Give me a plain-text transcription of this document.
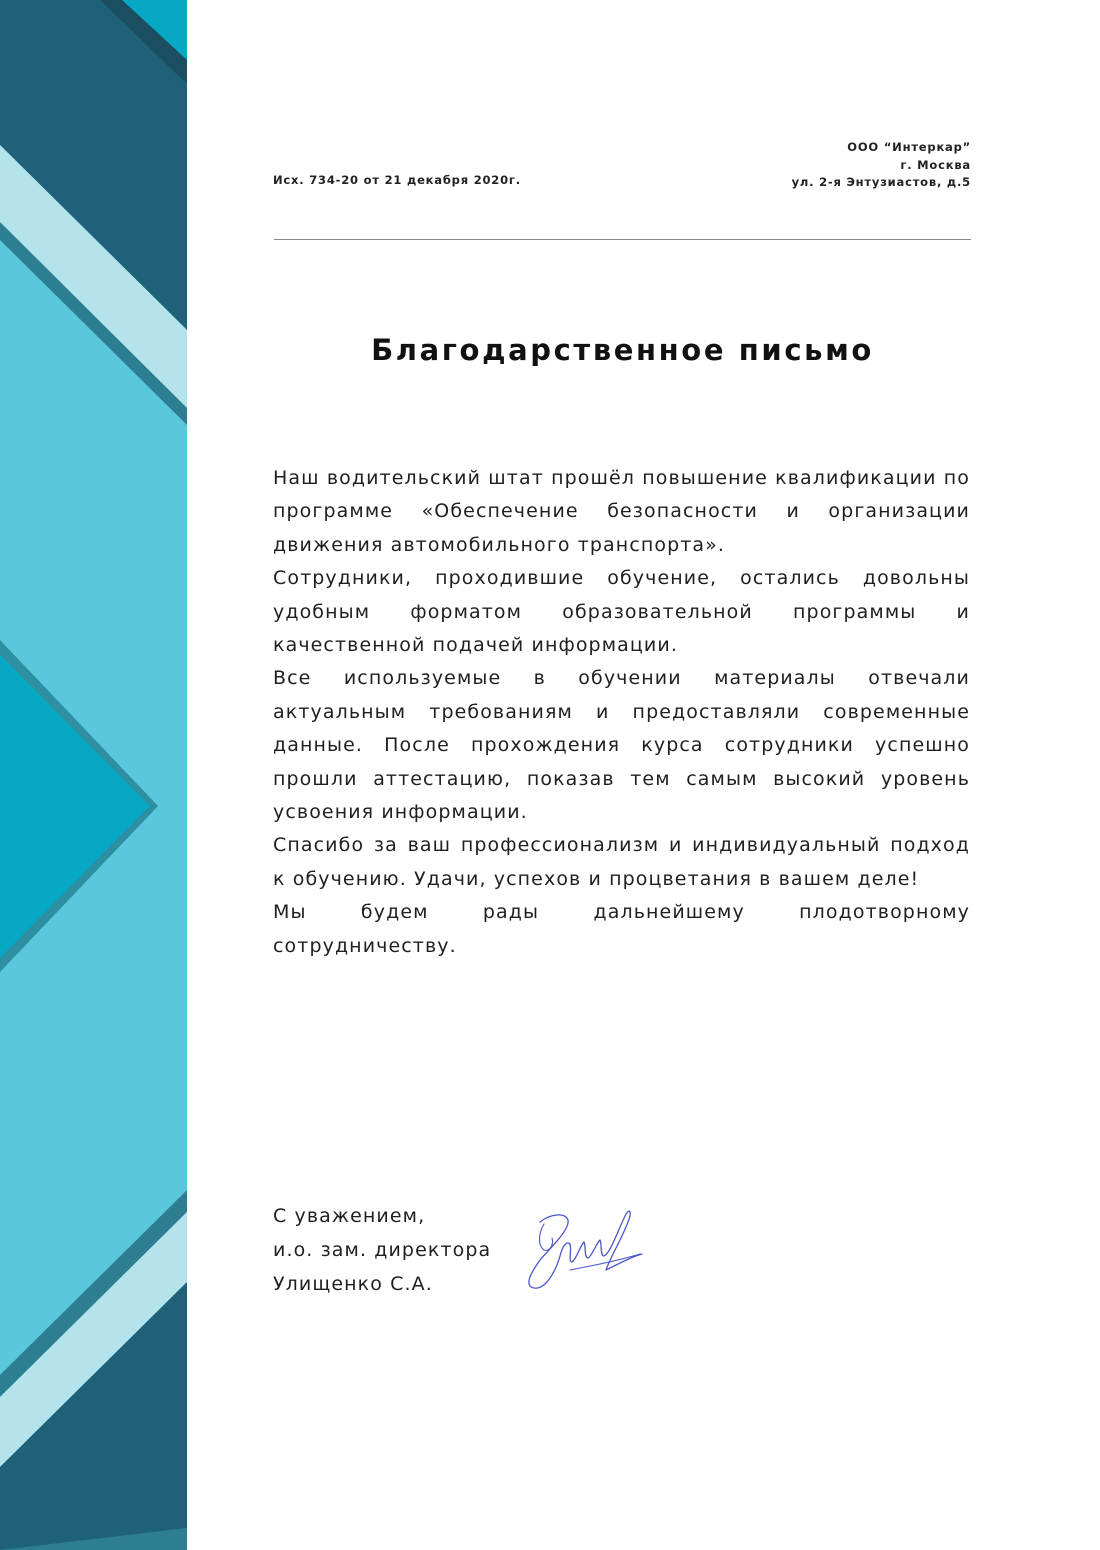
Исх. 734-20 от 21 декабря 2020г.
ООО “Интеркар”
г. Москва
ул. 2-я Энтузиастов, д.5
Благодарственное письмо

Наш водительский штат прошёл повышение квалификации по программе «Обеспечение безопасности и организации движения автомобильного транспорта».

Сотрудники, проходившие обучение, остались довольны удобным форматом образовательной программы и качественной подачей информации.

Все используемые в обучении материалы отвечали актуальным требованиям и предоставляли современные данные. После прохождения курса сотрудники успешно прошли аттестацию, показав тем самым высокий уровень усвоения информации.

Спасибо за ваш профессионализм и индивидуальный подход к обучению. Удачи, успехов и процветания в вашем деле!

Мы будем рады дальнейшему плодотворному сотрудничеству.

С уважением,
и.о. зам. директора
Улищенко С.А.
